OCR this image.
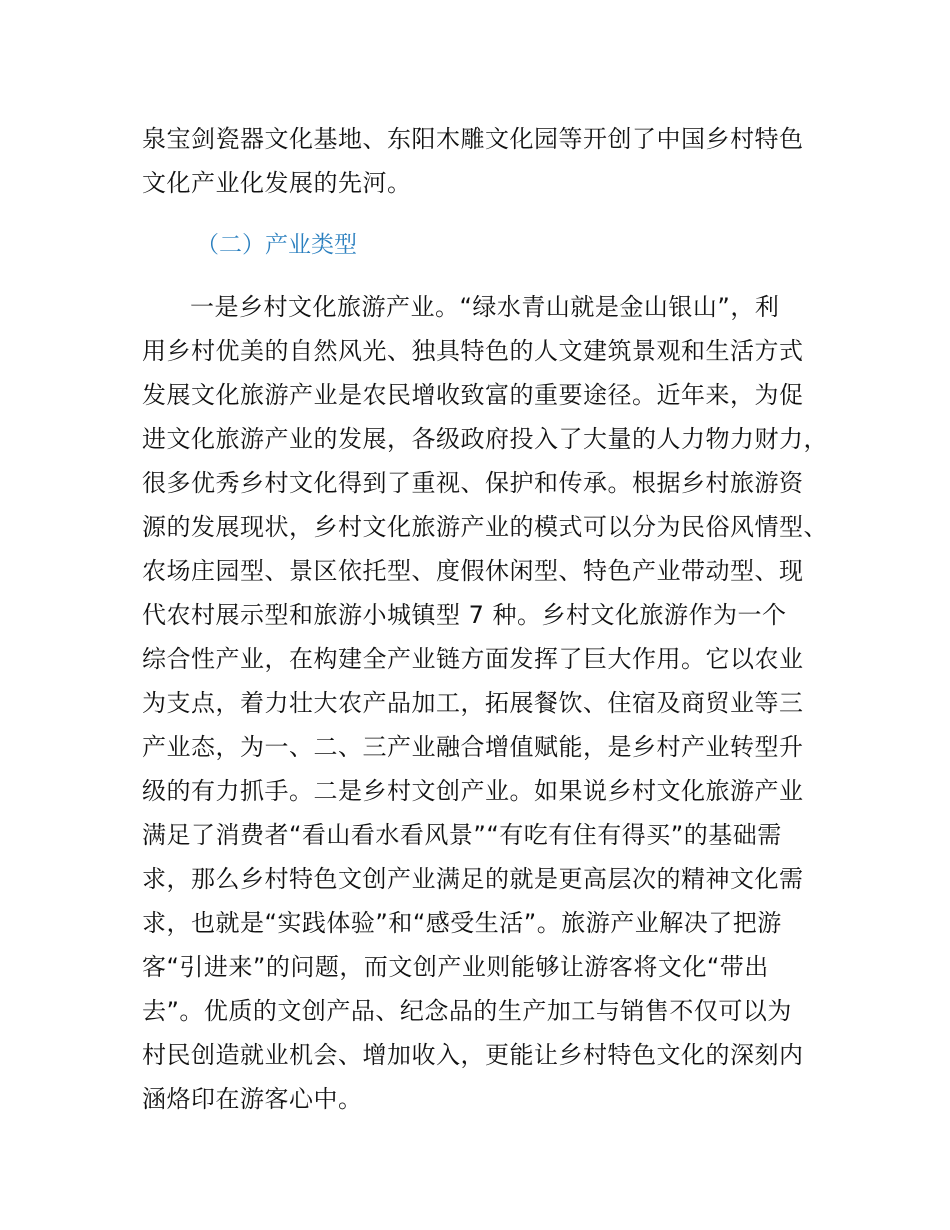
泉宝剑瓷器文化基地、东阳木雕文化园等开创了中国乡村特色
文化产业化发展的先河。
（二）产业类型
一是乡村文化旅游产业。“绿水青山就是金山银山”，利
用乡村优美的自然风光、独具特色的人文建筑景观和生活方式
发展文化旅游产业是农民增收致富的重要途径。近年来，为促
进文化旅游产业的发展，各级政府投入了大量的人力物力财力，
很多优秀乡村文化得到了重视、保护和传承。根据乡村旅游资
源的发展现状，乡村文化旅游产业的模式可以分为民俗风情型、
农场庄园型、景区依托型、度假休闲型、特色产业带动型、现
代农村展示型和旅游小城镇型 7 种。乡村文化旅游作为一个
综合性产业，在构建全产业链方面发挥了巨大作用。它以农业
为支点，着力壮大农产品加工，拓展餐饮、住宿及商贸业等三
产业态，为一、二、三产业融合增值赋能，是乡村产业转型升
级的有力抓手。二是乡村文创产业。如果说乡村文化旅游产业
满足了消费者“看山看水看风景”“有吃有住有得买”的基础需
求，那么乡村特色文创产业满足的就是更高层次的精神文化需
求，也就是“实践体验”和“感受生活”。旅游产业解决了把游
客“引进来”的问题，而文创产业则能够让游客将文化“带出
去”。优质的文创产品、纪念品的生产加工与销售不仅可以为
村民创造就业机会、增加收入，更能让乡村特色文化的深刻内
涵烙印在游客心中。
